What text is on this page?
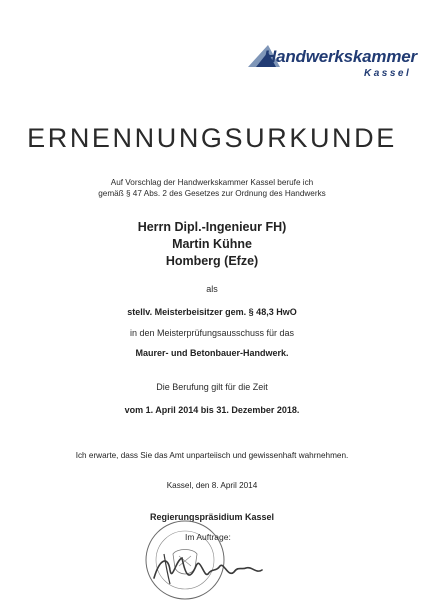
Handwerkskammer
Kassel
ERNENNUNGSURKUNDE
Auf Vorschlag der Handwerkskammer Kassel berufe ich
gemäß § 47 Abs. 2 des Gesetzes zur Ordnung des Handwerks
Herrn Dipl.-Ingenieur FH)
Martin Kühne
Homberg (Efze)
als
stellv. Meisterbeisitzer gem. § 48,3 HwO
in den Meisterprüfungsausschuss für das
Maurer- und Betonbauer-Handwerk.
Die Berufung gilt für die Zeit
vom 1. April 2014 bis 31. Dezember 2018.
Ich erwarte, dass Sie das Amt unparteiisch und gewissenhaft wahrnehmen.
Kassel, den 8. April 2014
Regierungspräsidium Kassel
Im Auftrage:
